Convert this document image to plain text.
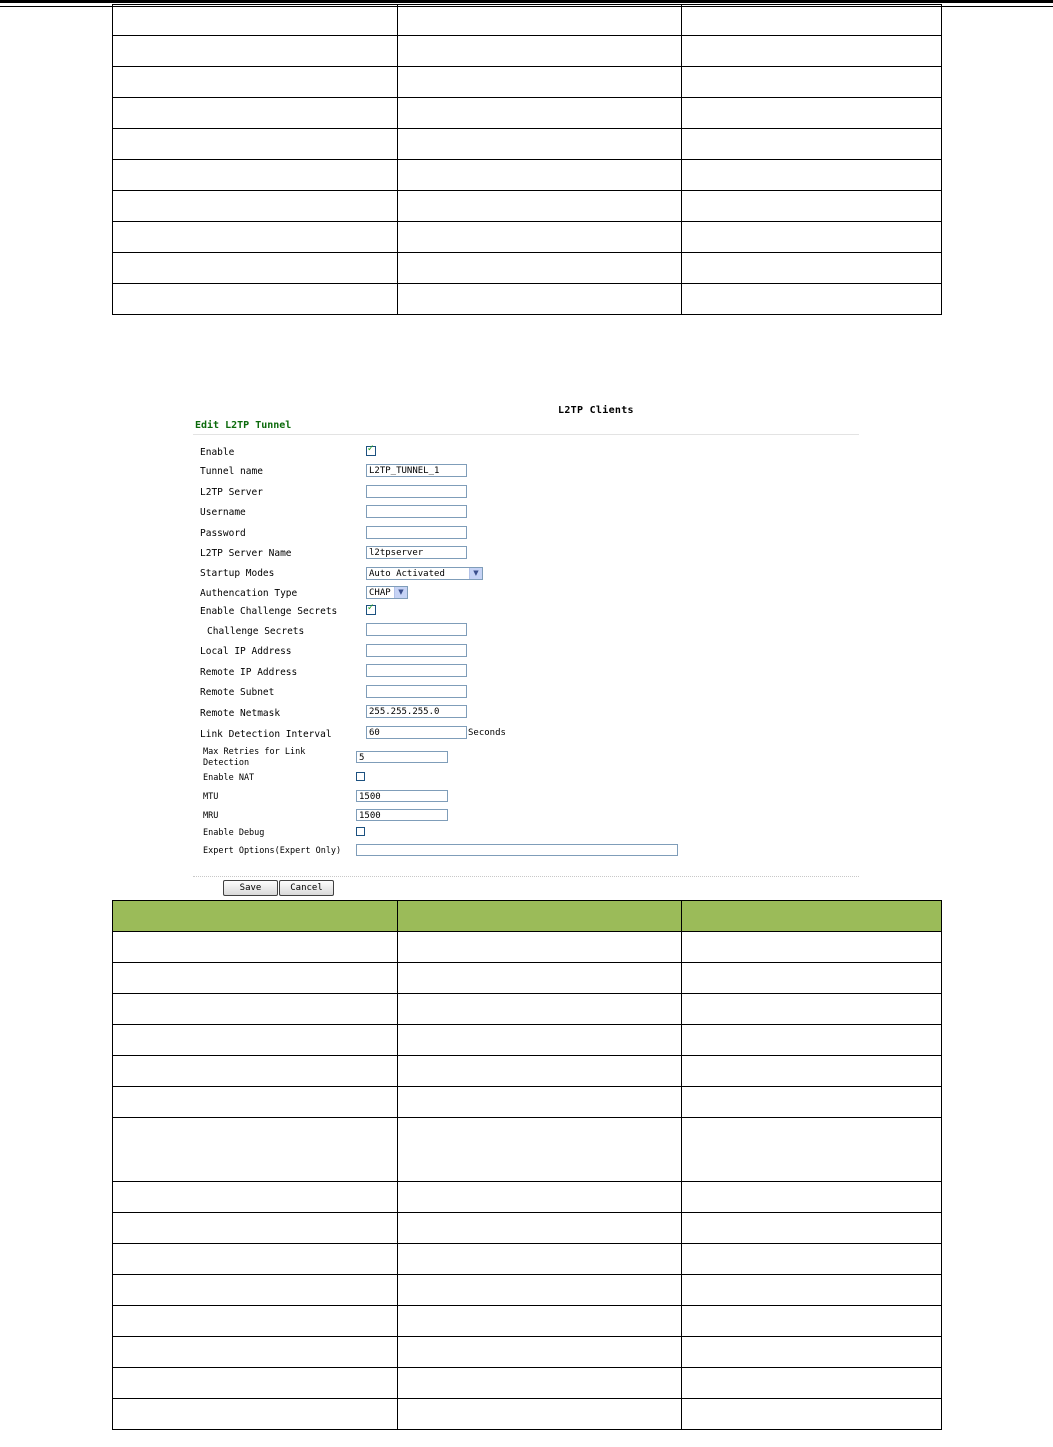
L2TP Clients
Edit L2TP Tunnel
Enable	✓
Tunnel name	L2TP_TUNNEL_1
L2TP Server
Username
Password
L2TP Server Name	l2tpserver
Startup Modes	Auto Activated	▼
Authencation Type	CHAP	▼
Enable Challenge Secrets	✓
Challenge Secrets
Local IP Address
Remote IP Address
Remote Subnet
Remote Netmask	255.255.255.0
Link Detection Interval	60	Seconds
Max Retries for Link
Detection	5
Enable NAT
MTU	1500
MRU	1500
Enable Debug
Expert Options(Expert Only)
Save	Cancel
